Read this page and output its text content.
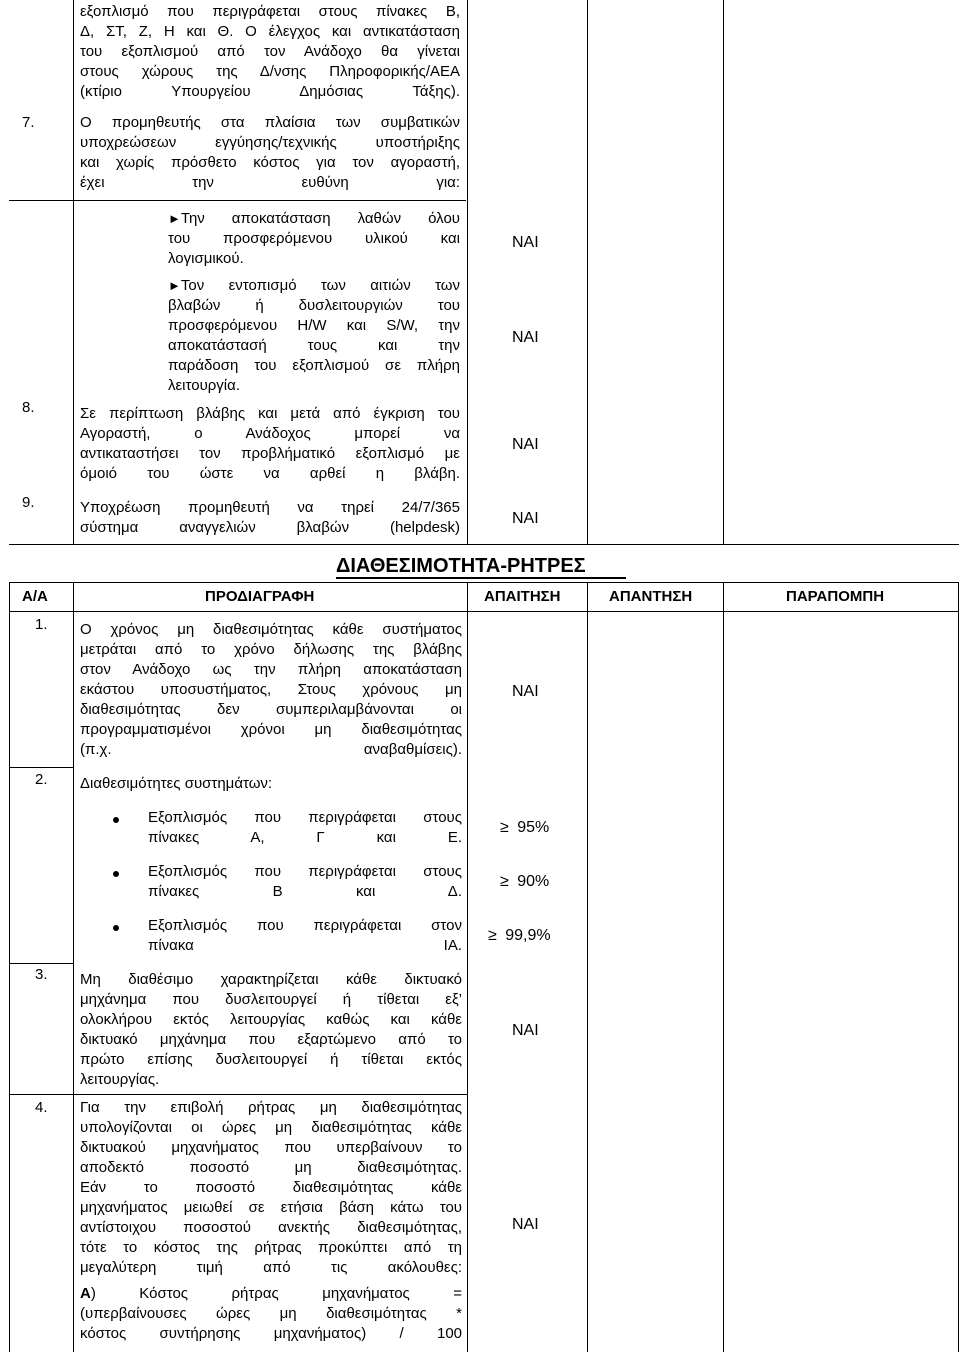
εξοπλισμό που περιγράφεται στους πίνακες Β,
Δ, ΣΤ, Ζ, Η και Θ. Ο έλεγχος και αντικατάσταση
του εξοπλισμού από τον Ανάδοχο θα γίνεται
στους χώρους της Δ/νσης Πληροφορικής/ΑΕΑ
(κτίριο Υπουργείου Δημόσιας Τάξης).
7.	Ο προμηθευτής στα πλαίσια των συμβατικών
υποχρεώσεων εγγύησης/τεχνικής υποστήριξης
και χωρίς πρόσθετο κόστος για τον αγοραστή,
έχει την ευθύνη για:
►Την αποκατάσταση λαθών όλου
του προσφερόμενου υλικού και
λογισμικού.
ΝΑΙ
►Τον εντοπισμό των αιτιών των
βλαβών ή δυσλειτουργιών του
προσφερόμενου H/W και S/W, την
αποκατάστασή τους και την
παράδοση του εξοπλισμού σε πλήρη
λειτουργία.
ΝΑΙ
8.	Σε περίπτωση βλάβης και μετά από έγκριση του
Αγοραστή, ο Ανάδοχος μπορεί να
αντικαταστήσει τον προβλήματικό εξοπλισμό με
όμοιό του ώστε να αρθεί η βλάβη.
ΝΑΙ
9.	Υποχρέωση προμηθευτή να τηρεί 24/7/365
σύστημα αναγγελιών βλαβών (helpdesk)
ΝΑΙ
ΔΙΑΘΕΣΙΜΟΤΗΤΑ-ΡΗΤΡΕΣ
Α/Α	ΠΡΟΔΙΑΓΡΑΦΗ	ΑΠΑΙΤΗΣΗ	ΑΠΑΝΤΗΣΗ	ΠΑΡΑΠΟΜΠΗ
1. Ο χρόνος μη διαθεσιμότητας κάθε συστήματος
μετράται από το χρόνο δήλωσης της βλάβης
στον Ανάδοχο ως την πλήρη αποκατάσταση
εκάστου υποσυστήματος, Στους χρόνους μη
διαθεσιμότητας δεν συμπεριλαμβάνονται οι
προγραμματισμένοι χρόνοι μη διαθεσιμότητας
(π.χ. αναβαθμίσεις).
ΝΑΙ
2. Διαθεσιμότητες συστημάτων:
Εξοπλισμός που περιγράφεται στους
πίνακες Α, Γ και Ε.
≥ 95%
Εξοπλισμός που περιγράφεται στους
πίνακες Β και Δ.
≥ 90%
Εξοπλισμός που περιγράφεται στον
πίνακα ΙΑ.
≥ 99,9%
3. Μη διαθέσιμο χαρακτηρίζεται κάθε δικτυακό
μηχάνημα που δυσλειτουργεί ή τίθεται εξ’
ολοκλήρου εκτός λειτουργίας καθώς και κάθε
δικτυακό μηχάνημα που εξαρτώμενο από το
πρώτο επίσης δυσλειτουργεί ή τίθεται εκτός
λειτουργίας.
ΝΑΙ
4. Για την επιβολή ρήτρας μη διαθεσιμότητας
υπολογίζονται οι ώρες μη διαθεσιμότητας κάθε
δικτυακού μηχανήματος που υπερβαίνουν το
αποδεκτό ποσοστό μη διαθεσιμότητας.
Εάν το ποσοστό διαθεσιμότητας κάθε
μηχανήματος μειωθεί σε ετήσια βάση κάτω του
αντίστοιχου ποσοστού ανεκτής διαθεσιμότητας,
τότε το κόστος της ρήτρας προκύπτει από τη
μεγαλύτερη τιμή από τις ακόλουθες:
Α) Κόστος ρήτρας μηχανήματος =
(υπερβαίνουσες ώρες μη διαθεσιμότητας *
κόστος συντήρησης μηχανήματος) / 100
ΝΑΙ
